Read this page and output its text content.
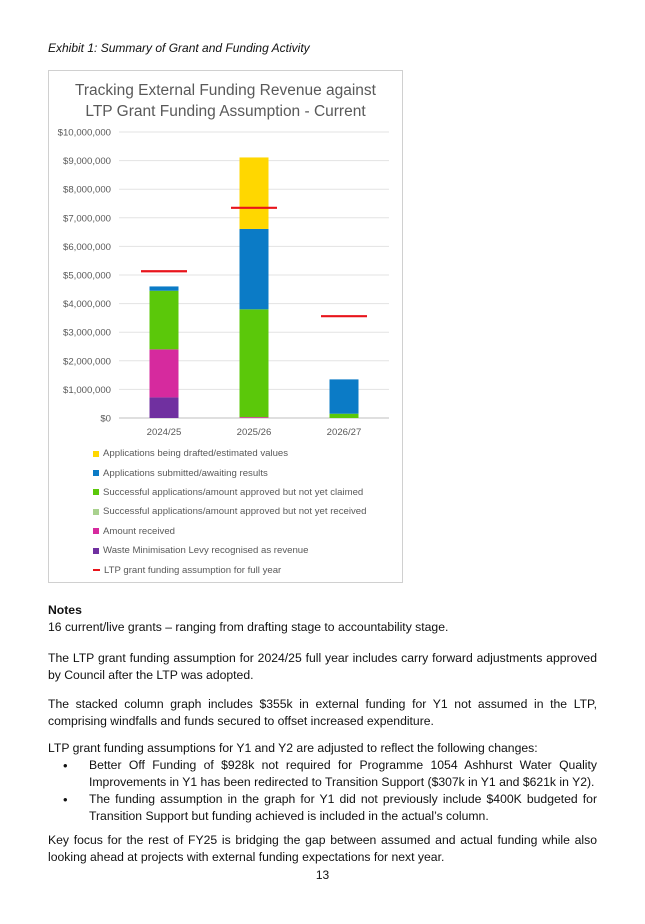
Exhibit 1: Summary of Grant and Funding Activity
Tracking External Funding Revenue against
LTP Grant Funding Assumption - Current
$0
$1,000,000
$2,000,000
$3,000,000
$4,000,000
$5,000,000
$6,000,000
$7,000,000
$8,000,000
$9,000,000
$10,000,000
2024/25	2025/26	2026/27
Applications being drafted/estimated values
Applications submitted/awaiting results
Successful applications/amount approved but not yet claimed
Successful applications/amount approved but not yet received
Amount received
Waste Minimisation Levy recognised as revenue
LTP grant funding assumption for full year
Notes
16 current/live grants – ranging from drafting stage to accountability stage.
The LTP grant funding assumption for 2024/25 full year includes carry forward adjustments approved by Council after the LTP was adopted.
The stacked column graph includes $355k in external funding for Y1 not assumed in the LTP, comprising windfalls and funds secured to offset increased expenditure.
LTP grant funding assumptions for Y1 and Y2 are adjusted to reflect the following changes:
• Better Off Funding of $928k not required for Programme 1054 Ashhurst Water Quality Improvements in Y1 has been redirected to Transition Support ($307k in Y1 and $621k in Y2).
• The funding assumption in the graph for Y1 did not previously include $400K budgeted for Transition Support but funding achieved is included in the actual’s column.
Key focus for the rest of FY25 is bridging the gap between assumed and actual funding while also looking ahead at projects with external funding expectations for next year.
13
